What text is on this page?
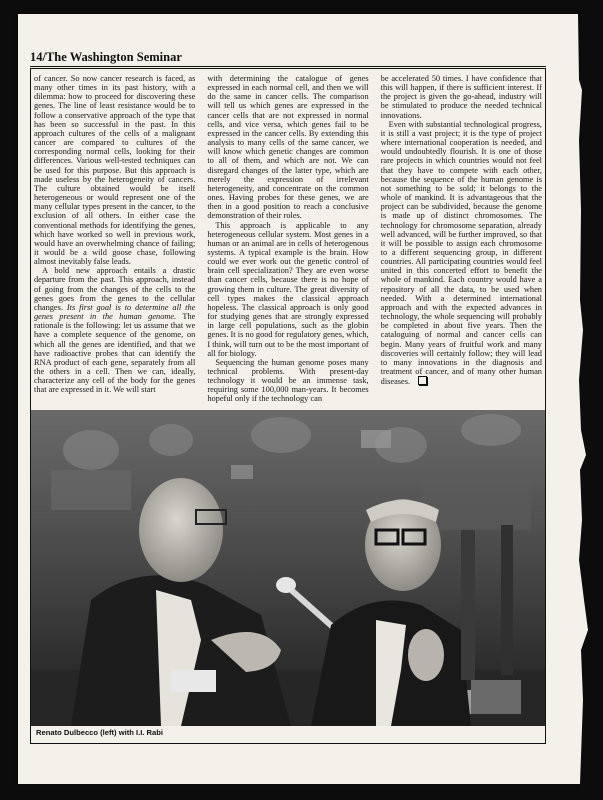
14/The Washington Seminar

of cancer. So now cancer research is faced, as many other times in its past history, with a dilemma: how to proceed for discovering these genes. The line of least resistance would be to follow a conservative approach of the type that has been so successful in the past. In this approach cultures of the cells of a malignant cancer are compared to cultures of the corresponding normal cells, looking for their differences. Various well-tested techniques can be used for this purpose. But this approach is made useless by the heterogeneity of cancers. The culture obtained would be itself heterogeneous or would represent one of the many cellular types present in the cancer, to the exclusion of all others. In either case the conventional methods for identifying the genes, which have worked so well in previous work, would have an overwhelming chance of failing; it would be a wild goose chase, following almost inevitably false leads.

A bold new approach entails a drastic departure from the past. This approach, instead of going from the changes of the cells to the genes goes from the genes to the cellular changes. Its first goal is to determine all the genes present in the human genome. The rationale is the following: let us assume that we have a complete sequence of the genome, on which all the genes are identified, and that we have radioactive probes that can identify the RNA product of each gene, separately from all the others in a cell. Then we can, ideally, characterize any cell of the body for the genes that are expressed in it. We will start

with determining the catalogue of genes expressed in each normal cell, and then we will do the same in cancer cells. The comparison will tell us which genes are expressed in the cancer cells that are not expressed in normal cells, and vice versa, which genes fail to be expressed in the cancer cells. By extending this analysis to many cells of the same cancer, we will know which genetic changes are common to all of them, and which are not. We can disregard changes of the latter type, which are merely the expression of irrelevant heterogeneity, and concentrate on the common ones. Having probes for these genes, we are then in a good position to reach a conclusive demonstration of their roles.

This approach is applicable to any heterogeneous cellular system. Most genes in a human or an animal are in cells of heterogenous systems. A typical example is the brain. How could we ever work out the genetic control of brain cell specialization? They are even worse than cancer cells, because there is no hope of growing them in culture. The great diversity of cell types makes the classical approach hopeless. The classical approach is only good for studying genes that are strongly expressed in large cell populations, such as the globin genes. It is no good for regulatory genes, which, I think, will turn out to be the most important of all for biology.

Sequencing the human genome poses many technical problems. With present-day technology it would be an immense task, requiring some 100,000 man-years. It becomes hopeful only if the technology can

be accelerated 50 times. I have confidence that this will happen, if there is sufficient interest. If the project is given the go-ahead, industry will be stimulated to produce the needed technical innovations.

Even with substantial technological progress, it is still a vast project; it is the type of project where international cooperation is needed, and would undoubtedly flourish. It is one of those rare projects in which countries would not feel that they have to compete with each other, because the sequence of the human genome is not something to be sold; it belongs to the whole of mankind. It is advantageous that the project can be subdivided, because the genome is made up of distinct chromosomes. The technology for chromosome separation, already well advanced, will be further improved, so that it will be possible to assign each chromosome to a different sequencing group, in different countries. All participating countries would feel united in this concerted effort to benefit the whole of mankind. Each country would have a repository of all the data, to be used when needed. With a determined international approach and with the expected advances in technology, the whole sequencing will probably be completed in about five years. Then the cataloguing of normal and cancer cells can begin. Many years of fruitful work and many discoveries will certainly follow; they will lead to many innovations in the diagnosis and treatment of cancer, and of many other human diseases.

Renato Dulbecco (left) with I.I. Rabi
